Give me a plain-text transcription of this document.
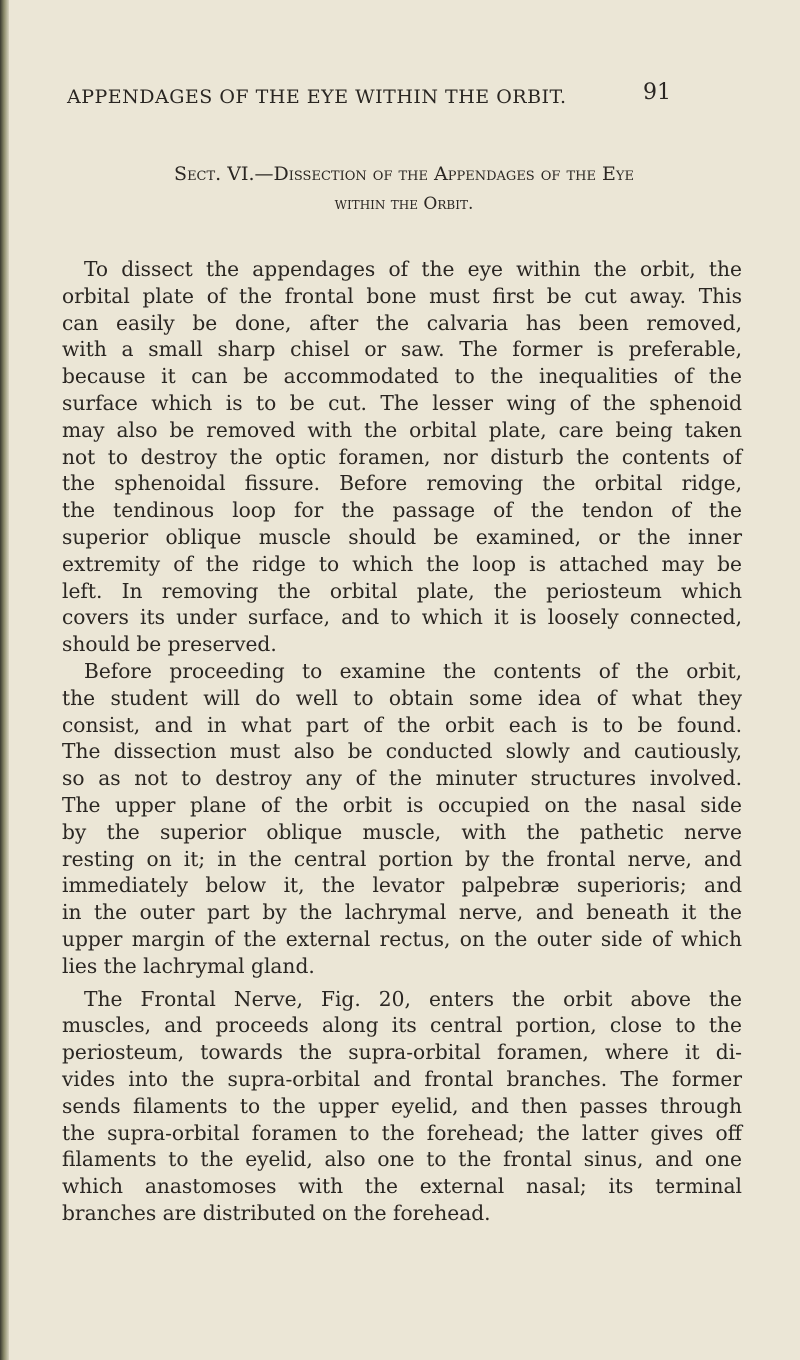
APPENDAGES OF THE EYE WITHIN THE ORBIT.	91
Sect. VI.—Dissection of the Appendages of the Eye
within the Orbit.

To dissect the appendages of the eye within the orbit, the
orbital plate of the frontal bone must first be cut away. This
can easily be done, after the calvaria has been removed,
with a small sharp chisel or saw. The former is preferable,
because it can be accommodated to the inequalities of the
surface which is to be cut. The lesser wing of the sphenoid
may also be removed with the orbital plate, care being taken
not to destroy the optic foramen, nor disturb the contents of
the sphenoidal fissure. Before removing the orbital ridge,
the tendinous loop for the passage of the tendon of the
superior oblique muscle should be examined, or the inner
extremity of the ridge to which the loop is attached may be
left. In removing the orbital plate, the periosteum which
covers its under surface, and to which it is loosely connected,
should be preserved.

Before proceeding to examine the contents of the orbit,
the student will do well to obtain some idea of what they
consist, and in what part of the orbit each is to be found.
The dissection must also be conducted slowly and cautiously,
so as not to destroy any of the minuter structures involved.
The upper plane of the orbit is occupied on the nasal side
by the superior oblique muscle, with the pathetic nerve
resting on it; in the central portion by the frontal nerve, and
immediately below it, the levator palpebræ superioris; and
in the outer part by the lachrymal nerve, and beneath it the
upper margin of the external rectus, on the outer side of which
lies the lachrymal gland.

The Frontal Nerve, Fig. 20, enters the orbit above the
muscles, and proceeds along its central portion, close to the
periosteum, towards the supra-orbital foramen, where it di-
vides into the supra-orbital and frontal branches. The former
sends filaments to the upper eyelid, and then passes through
the supra-orbital foramen to the forehead; the latter gives off
filaments to the eyelid, also one to the frontal sinus, and one
which anastomoses with the external nasal; its terminal
branches are distributed on the forehead.
